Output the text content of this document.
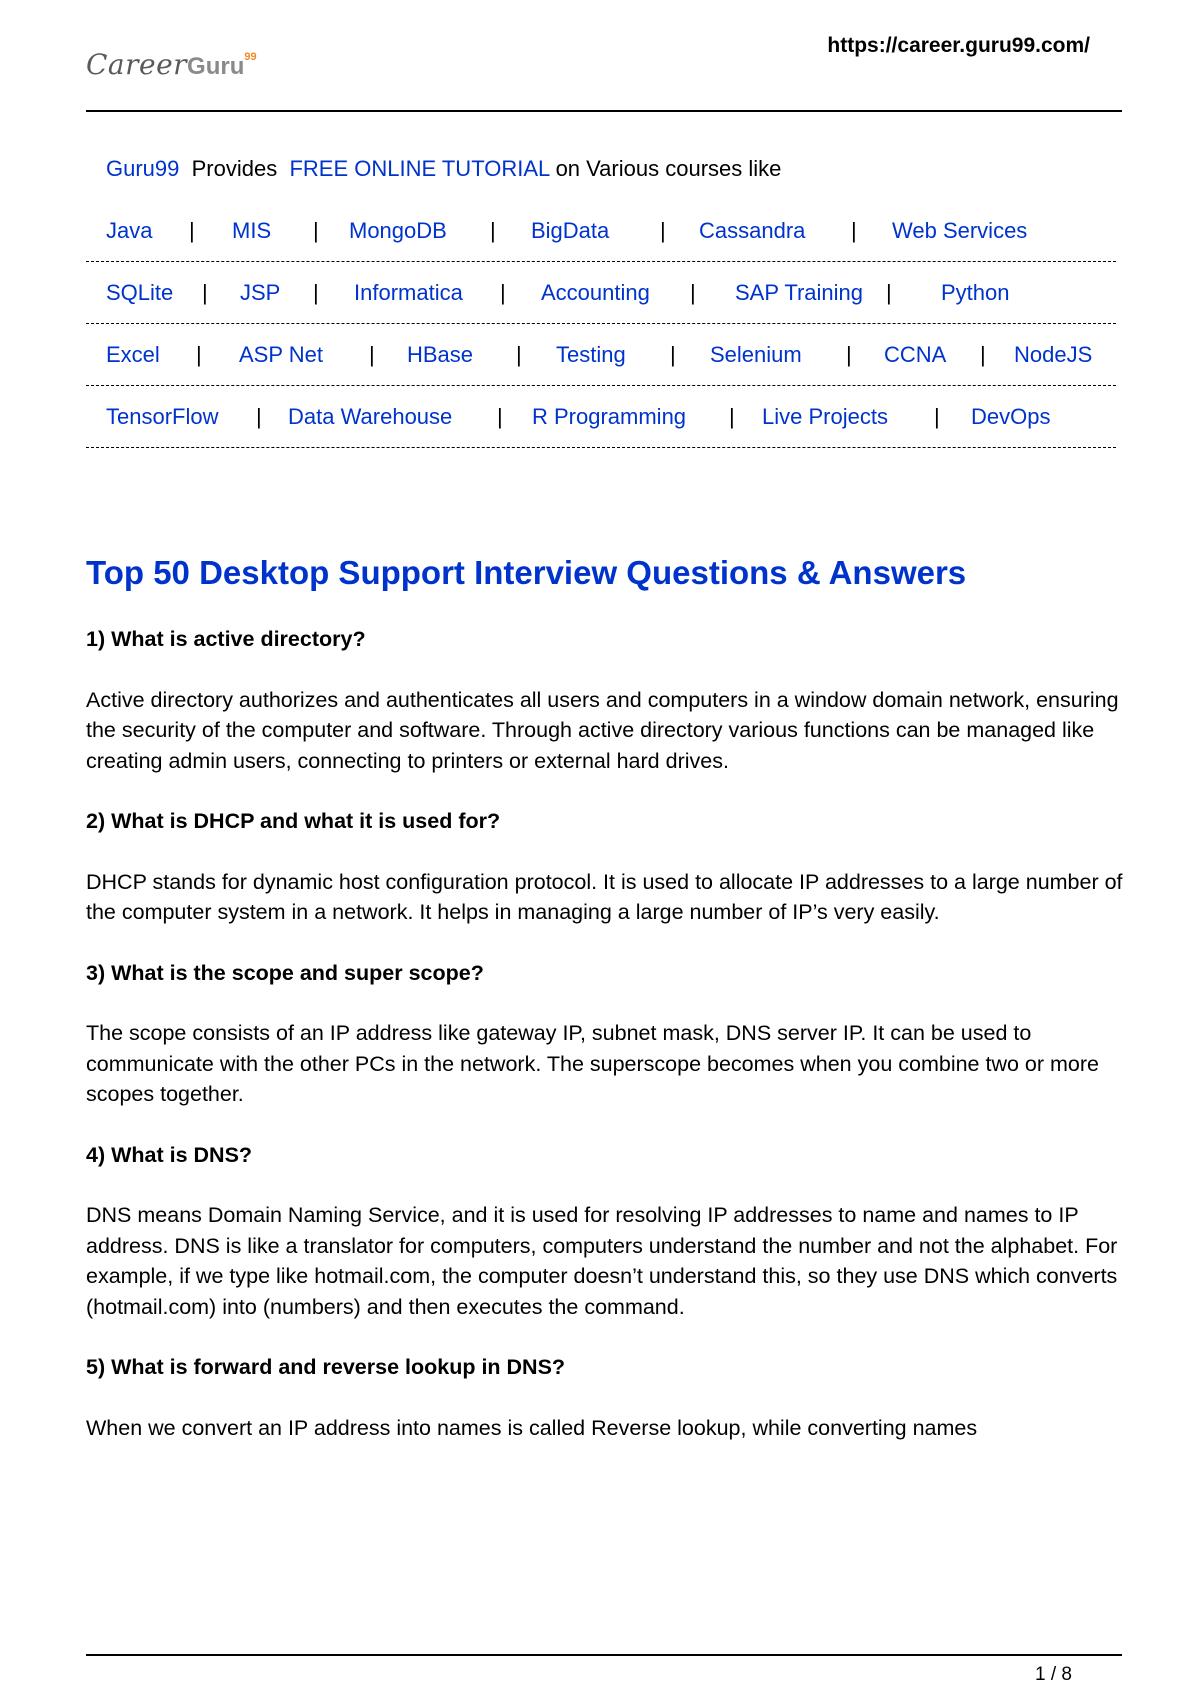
CareerGuru$^{99}$	https://career.guru99.com/
Guru99 Provides FREE ONLINE TUTORIAL on Various courses like
Java | MIS | MongoDB | BigData | Cassandra | Web Services
SQLite | JSP | Informatica | Accounting | SAP Training | Python
Excel | ASP Net | HBase | Testing | Selenium | CCNA | NodeJS
TensorFlow | Data Warehouse | R Programming | Live Projects | DevOps
Top 50 Desktop Support Interview Questions & Answers
1) What is active directory?

Active directory authorizes and authenticates all users and computers in a window domain network, ensuring the security of the computer and software. Through active directory various functions can be managed like creating admin users, connecting to printers or external hard drives.

2) What is DHCP and what it is used for?

DHCP stands for dynamic host configuration protocol. It is used to allocate IP addresses to a large number of the computer system in a network. It helps in managing a large number of IP’s very easily.

3) What is the scope and super scope?

The scope consists of an IP address like gateway IP, subnet mask, DNS server IP. It can be used to communicate with the other PCs in the network. The superscope becomes when you combine two or more scopes together.

4) What is DNS?

DNS means Domain Naming Service, and it is used for resolving IP addresses to name and names to IP address. DNS is like a translator for computers, computers understand the number and not the alphabet. For example, if we type like hotmail.com, the computer doesn’t understand this, so they use DNS which converts (hotmail.com) into (numbers) and then executes the command.

5) What is forward and reverse lookup in DNS?

When we convert an IP address into names is called Reverse lookup, while converting names

1 / 8
